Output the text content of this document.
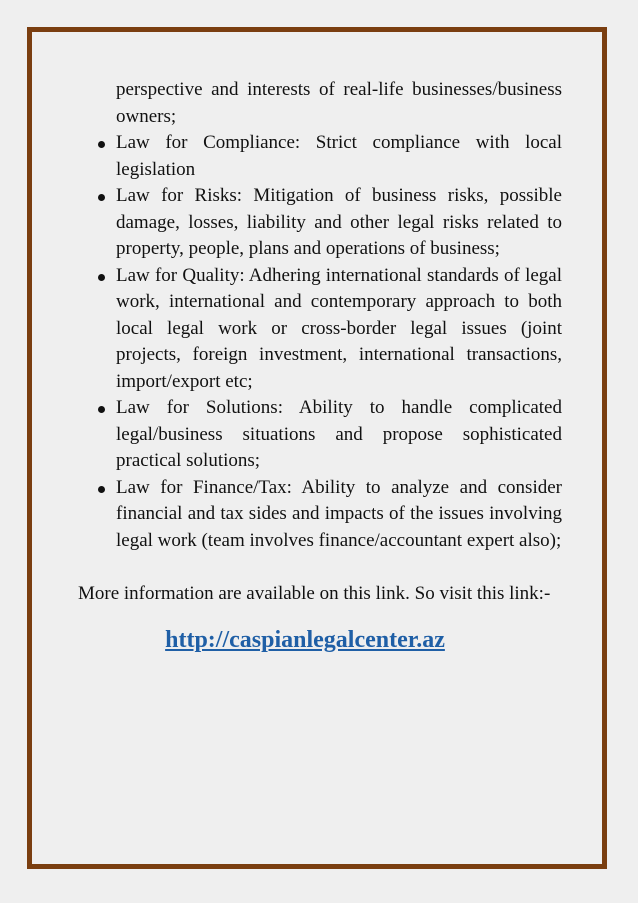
perspective and interests of real-life businesses/business owners;
Law for Compliance: Strict compliance with local legislation
Law for Risks: Mitigation of business risks, possible damage, losses, liability and other legal risks related to property, people, plans and operations of business;
Law for Quality: Adhering international standards of legal work, international and contemporary approach to both local legal work or cross-border legal issues (joint projects, foreign investment, international transactions, import/export etc;
Law for Solutions: Ability to handle complicated legal/business situations and propose sophisticated practical solutions;
Law for Finance/Tax: Ability to analyze and consider financial and tax sides and impacts of the issues involving legal work (team involves finance/accountant expert also);
More information are available on this link. So visit this link:-
http://caspianlegalcenter.az
